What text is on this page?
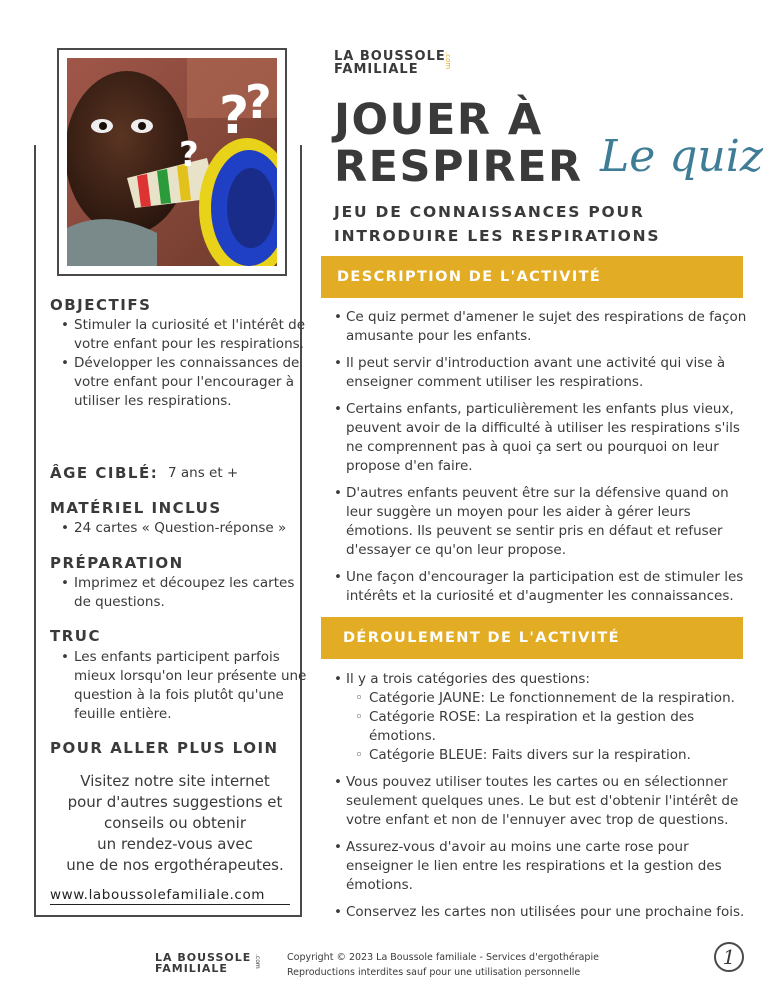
?
?
?
OBJECTIFS
• Stimuler la curiosité et l'intérêt de votre enfant pour les respirations.
• Développer les connaissances de votre enfant pour l'encourager à utiliser les respirations.
ÂGE CIBLÉ: 7 ans et +
MATÉRIEL INCLUS
• 24 cartes « Question-réponse »
PRÉPARATION
• Imprimez et découpez les cartes de questions.
TRUC
• Les enfants participent parfois mieux lorsqu'on leur présente une question à la fois plutôt qu'une feuille entière.
POUR ALLER PLUS LOIN
Visitez notre site internet
pour d'autres suggestions et
conseils ou obtenir
un rendez-vous avec
une de nos ergothérapeutes.
www.laboussolefamiliale.com
LA BOUSSOLE
FAMILIALE
.com
JOUER À
RESPIRER Le quiz
JEU DE CONNAISSANCES POUR
INTRODUIRE LES RESPIRATIONS
DESCRIPTION DE L'ACTIVITÉ
• Ce quiz permet d'amener le sujet des respirations de façon amusante pour les enfants.
• Il peut servir d'introduction avant une activité qui vise à enseigner comment utiliser les respirations.
• Certains enfants, particulièrement les enfants plus vieux, peuvent avoir de la difficulté à utiliser les respirations s'ils ne comprennent pas à quoi ça sert ou pourquoi on leur propose d'en faire.
• D'autres enfants peuvent être sur la défensive quand on leur suggère un moyen pour les aider à gérer leurs émotions. Ils peuvent se sentir pris en défaut et refuser d'essayer ce qu'on leur propose.
• Une façon d'encourager la participation est de stimuler les intérêts et la curiosité et d'augmenter les connaissances.
DÉROULEMENT DE L'ACTIVITÉ
• Il y a trois catégories des questions:
◦ Catégorie JAUNE: Le fonctionnement de la respiration.
◦ Catégorie ROSE: La respiration et la gestion des émotions.
◦ Catégorie BLEUE: Faits divers sur la respiration.
• Vous pouvez utiliser toutes les cartes ou en sélectionner seulement quelques unes. Le but est d'obtenir l'intérêt de votre enfant et non de l'ennuyer avec trop de questions.
• Assurez-vous d'avoir au moins une carte rose pour enseigner le lien entre les respirations et la gestion des émotions.
• Conservez les cartes non utilisées pour une prochaine fois.
LA BOUSSOLE
FAMILIALE	.com	Copyright © 2023 La Boussole familiale - Services d'ergothérapie
Reproductions interdites sauf pour une utilisation personnelle
1
